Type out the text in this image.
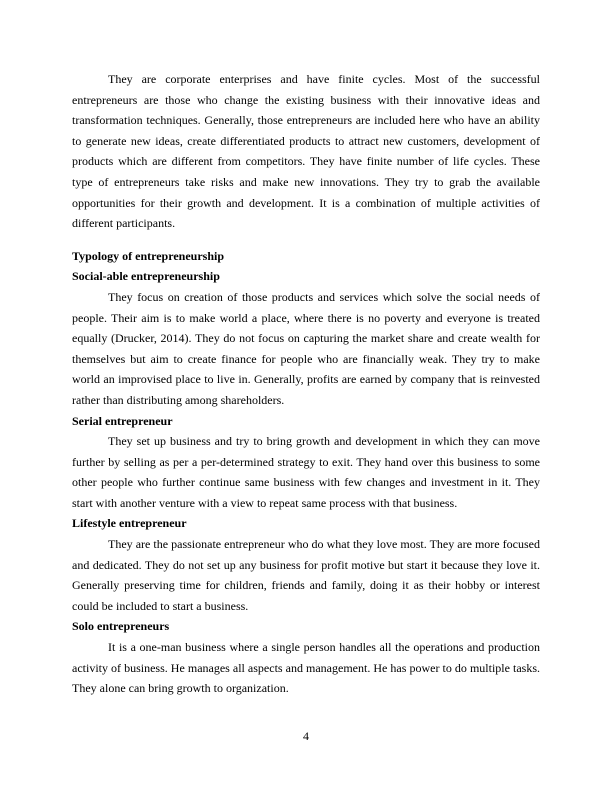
They are corporate enterprises and have finite cycles. Most of the successful entrepreneurs are those who change the existing business with their innovative ideas and transformation techniques. Generally, those entrepreneurs are included here who have an ability to generate new ideas, create differentiated products to attract new customers, development of products which are different from competitors. They have finite number of life cycles. These type of entrepreneurs take risks and make new innovations. They try to grab the available opportunities for their growth and development. It is a combination of multiple activities of different participants.

Typology of entrepreneurship
Social-able entrepreneurship

They focus on creation of those products and services which solve the social needs of people. Their aim is to make world a place, where there is no poverty and everyone is treated equally (Drucker, 2014). They do not focus on capturing the market share and create wealth for themselves but aim to create finance for people who are financially weak. They try to make world an improvised place to live in. Generally, profits are earned by company that is reinvested rather than distributing among shareholders.

Serial entrepreneur

They set up business and try to bring growth and development in which they can move further by selling as per a per-determined strategy to exit. They hand over this business to some other people who further continue same business with few changes and investment in it. They start with another venture with a view to repeat same process with that business.

Lifestyle entrepreneur

They are the passionate entrepreneur who do what they love most. They are more focused and dedicated. They do not set up any business for profit motive but start it because they love it. Generally preserving time for children, friends and family, doing it as their hobby or interest could be included to start a business.

Solo entrepreneurs

It is a one-man business where a single person handles all the operations and production activity of business. He manages all aspects and management. He has power to do multiple tasks. They alone can bring growth to organization.

4
